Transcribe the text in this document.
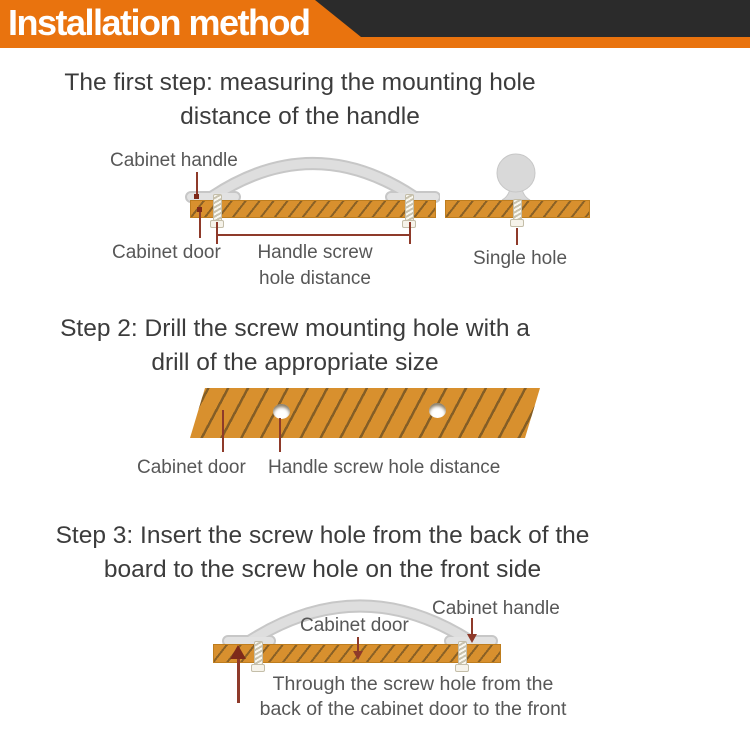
Installation method
The first step: measuring the mounting hole
distance of the handle
Cabinet handle
Cabinet door	Handle screw
hole distance
Single hole
Step 2: Drill the screw mounting hole with a
drill of the appropriate size
Cabinet door Handle screw hole distance
Step 3: Insert the screw hole from the back of the
board to the screw hole on the front side
Cabinet door
Cabinet handle
Through the screw hole from the
back of the cabinet door to the front
